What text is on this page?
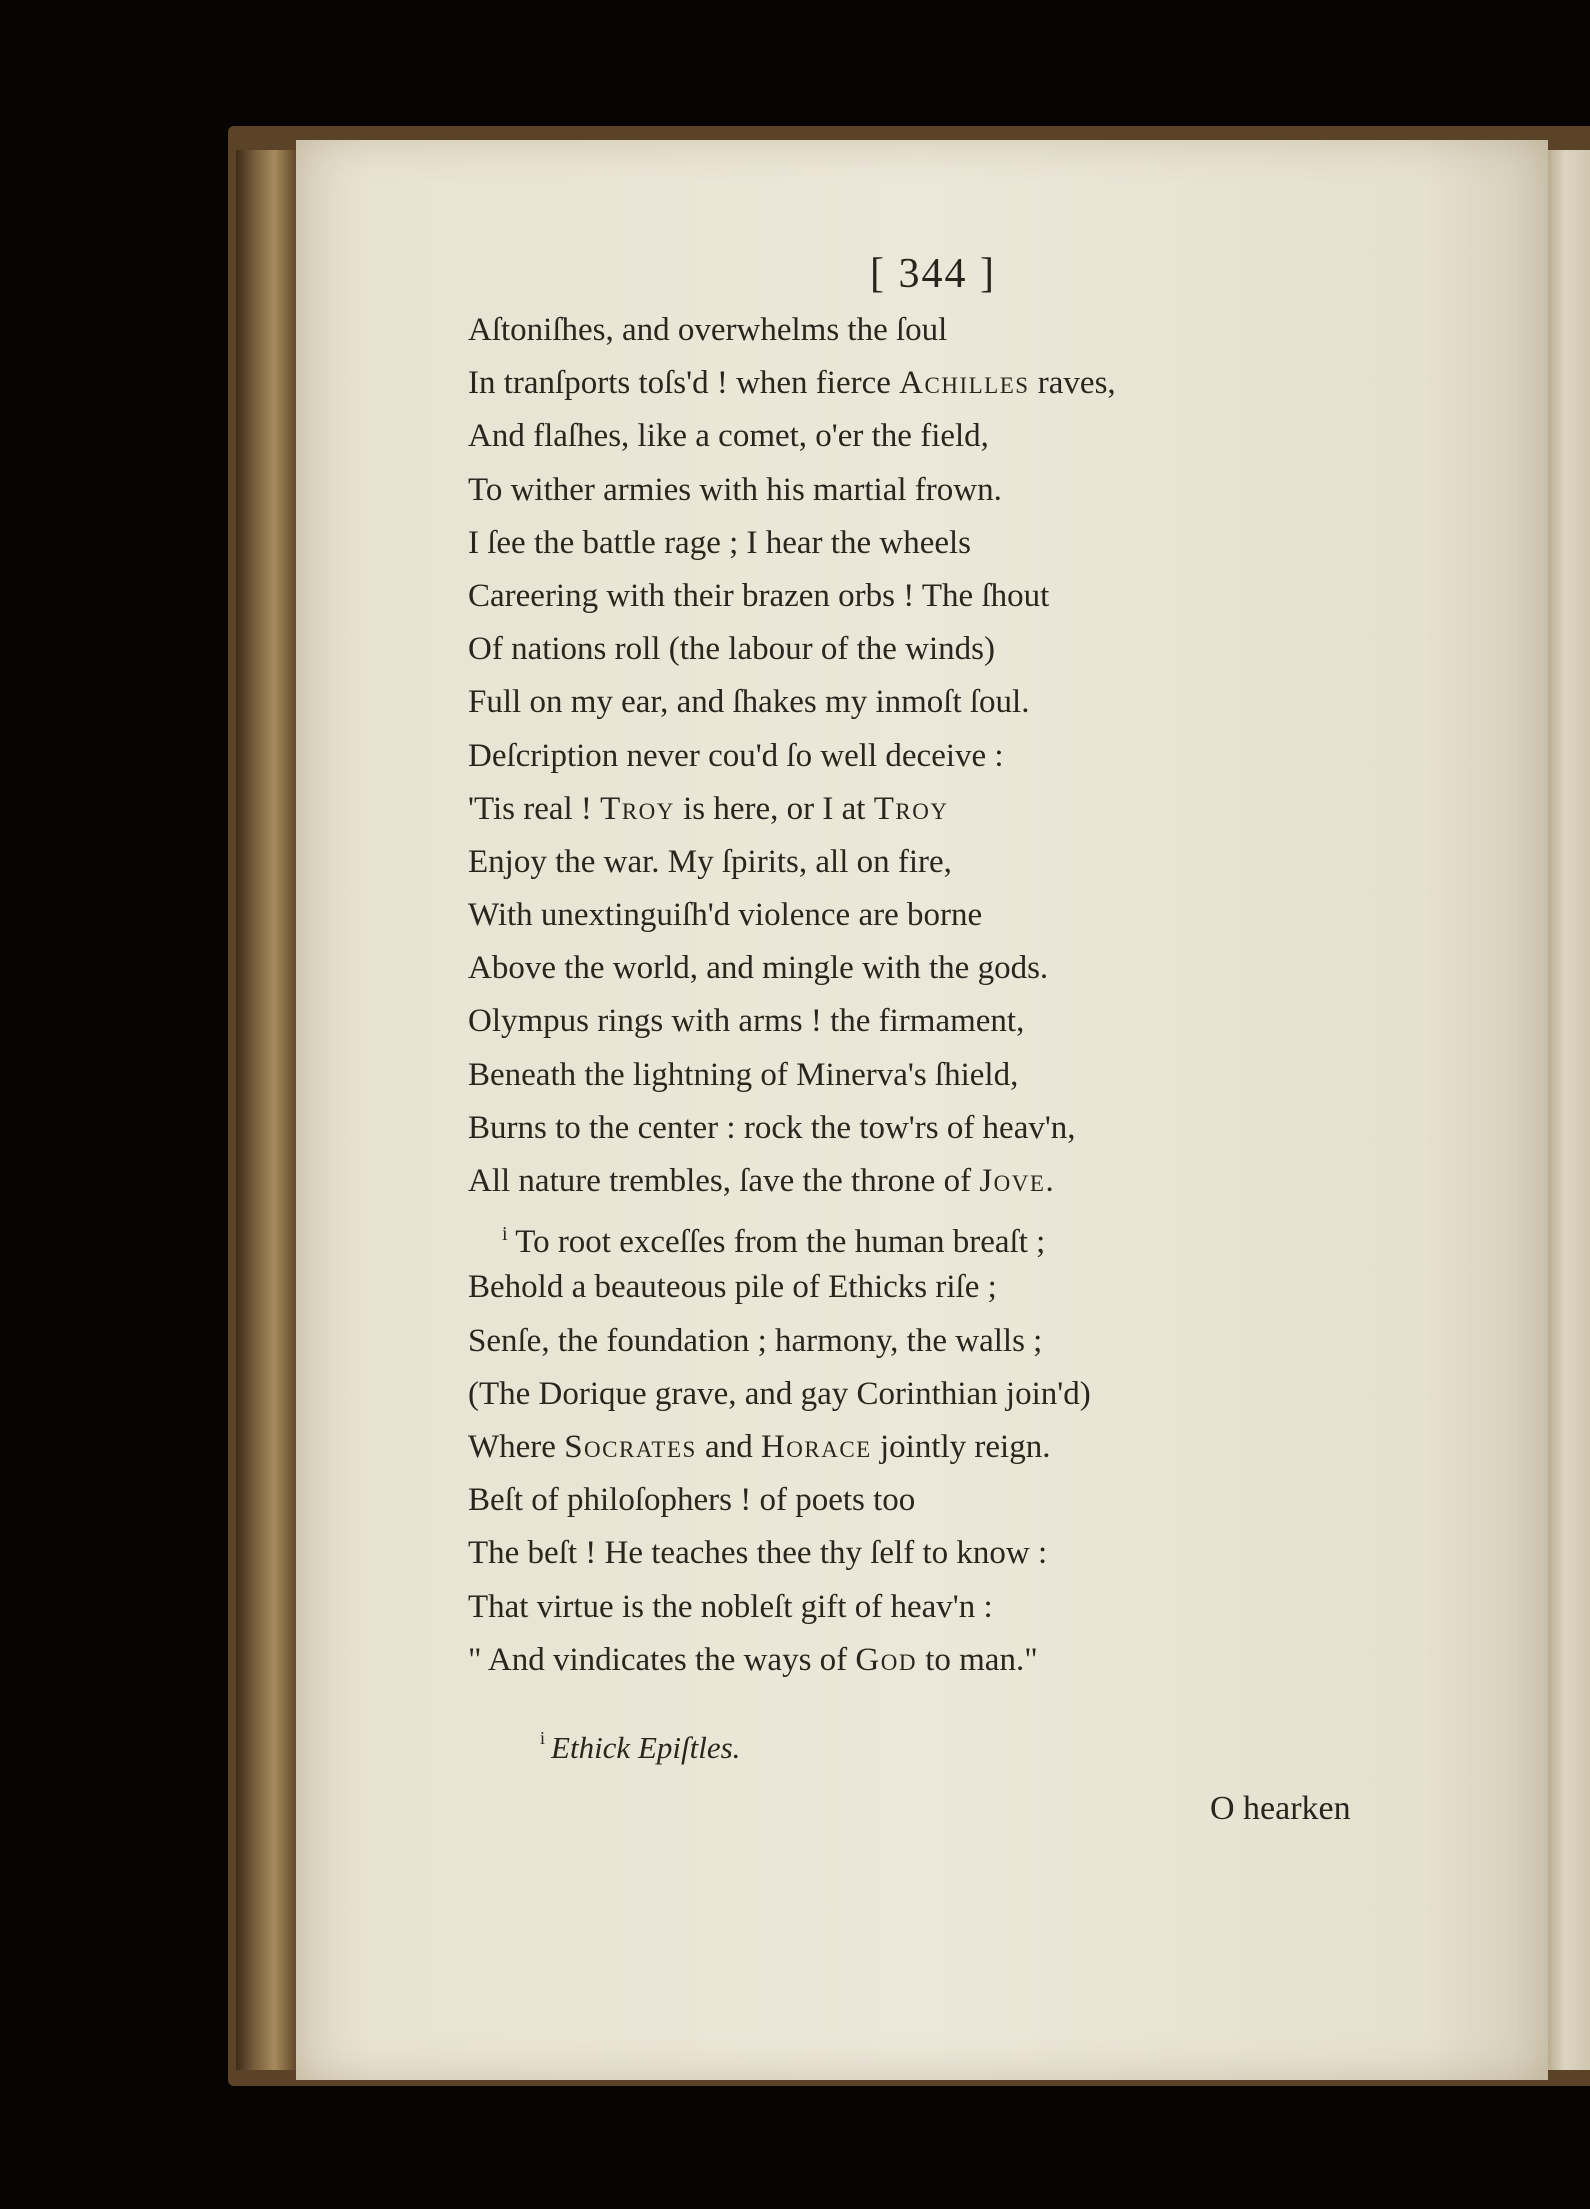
[ 344 ]
Aſtoniſhes, and overwhelms the ſoul
In tranſports toſs'd ! when fierce Achilles raves,
And flaſhes, like a comet, o'er the field,
To wither armies with his martial frown.
I ſee the battle rage ; I hear the wheels
Careering with their brazen orbs ! The ſhout
Of nations roll (the labour of the winds)
Full on my ear, and ſhakes my inmoſt ſoul.
Deſcription never cou'd ſo well deceive :
'Tis real ! Troy is here, or I at Troy
Enjoy the war. My ſpirits, all on fire,
With unextinguiſh'd violence are borne
Above the world, and mingle with the gods.
Olympus rings with arms ! the firmament,
Beneath the lightning of Minerva's ſhield,
Burns to the center : rock the tow'rs of heav'n,
All nature trembles, ſave the throne of Jove.
$^i$ To root exceſſes from the human breaſt ;
Behold a beauteous pile of Ethicks riſe ;
Senſe, the foundation ; harmony, the walls ;
(The Dorique grave, and gay Corinthian join'd)
Where Socrates and Horace jointly reign.
Beſt of philoſophers ! of poets too
The beſt ! He teaches thee thy ſelf to know :
That virtue is the nobleſt gift of heav'n :
" And vindicates the ways of God to man."
$^i$ Ethick Epiſtles.
O hearken
